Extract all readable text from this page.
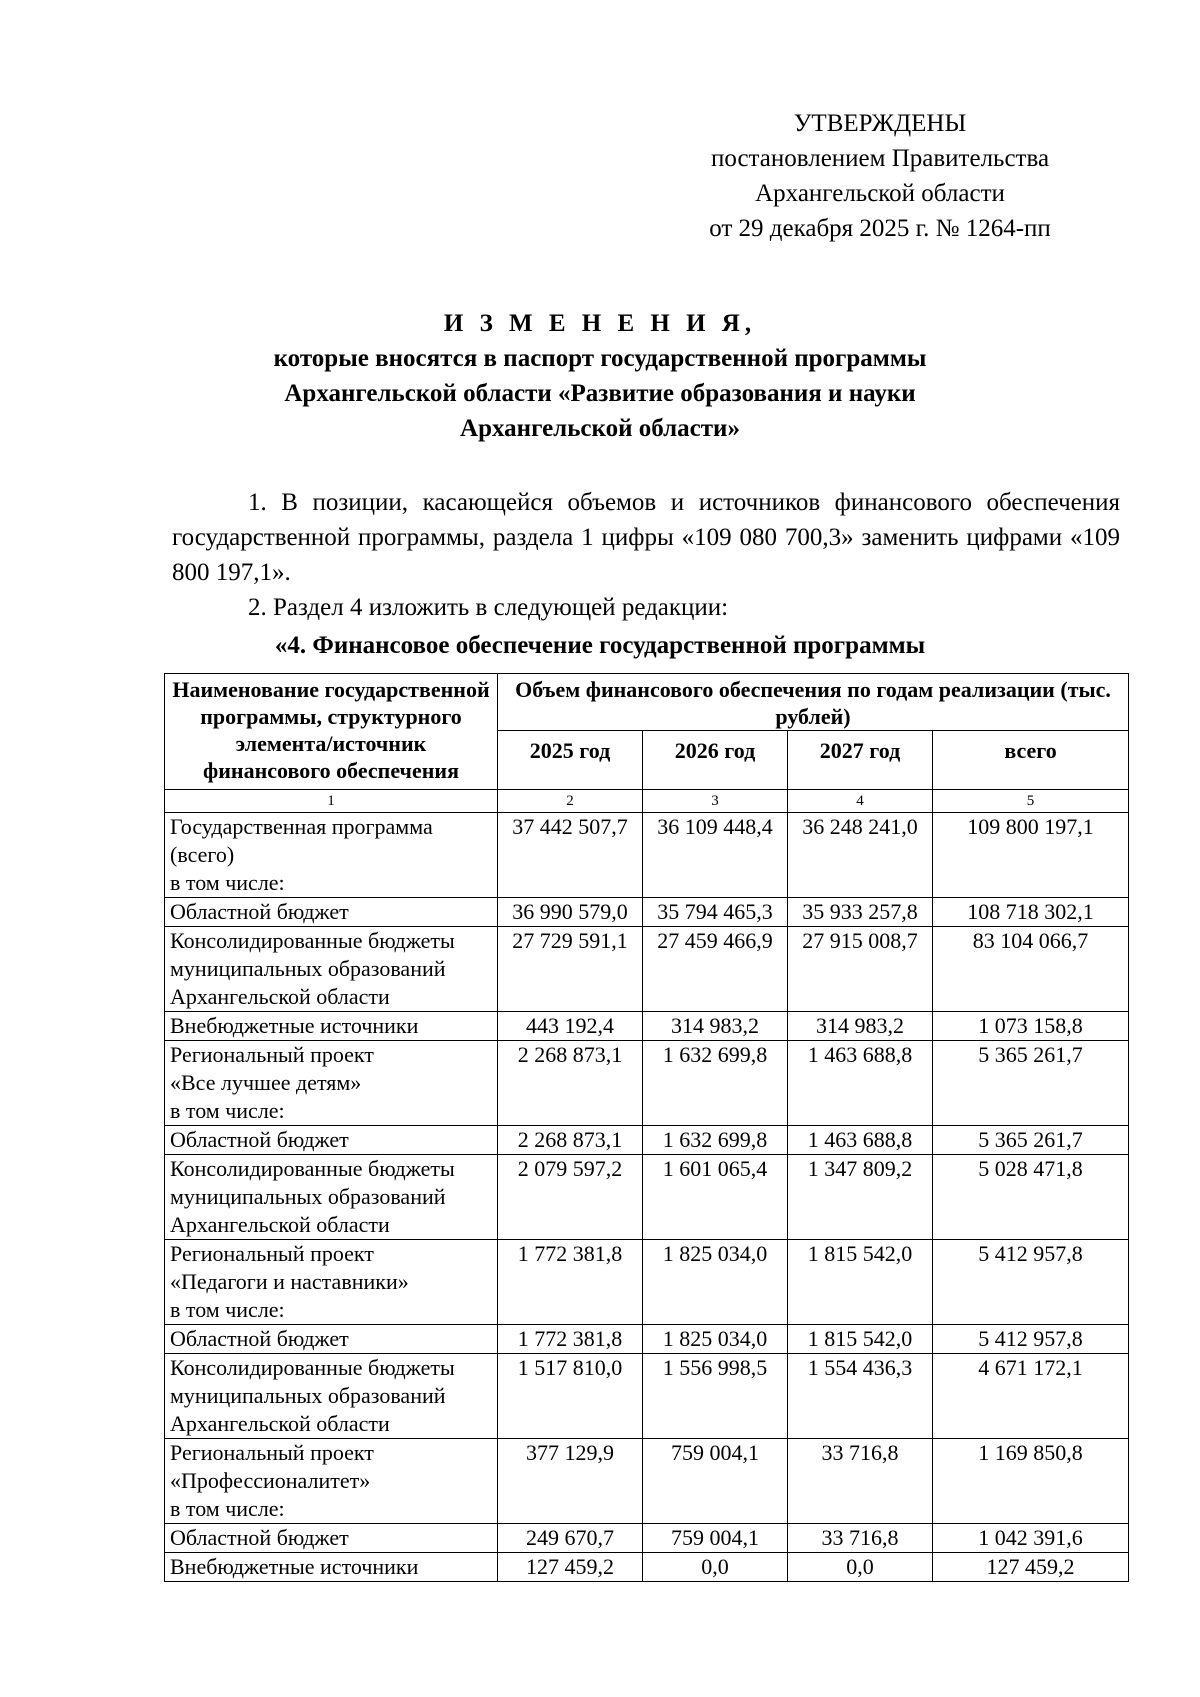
УТВЕРЖДЕНЫ
постановлением Правительства
Архангельской области
от 29 декабря 2025 г. № 1264-пп
И З М Е Н Е Н И Я,
которые вносятся в паспорт государственной программы
Архангельской области «Развитие образования и науки
Архангельской области»

1. В позиции, касающейся объемов и источников финансового обеспечения государственной программы, раздела 1 цифры «109 080 700,3» заменить цифрами «109 800 197,1».

2. Раздел 4 изложить в следующей редакции:

«4. Финансовое обеспечение государственной программы
Наименование государственной программы, структурного элемента/источник финансового обеспечения	Объем финансового обеспечения по годам реализации (тыс. рублей)			
	2025 год	2026 год	2027 год	всего
1	2	3	4	5

Государственная программа
(всего)
в том числе:	37 442 507,7	36 109 448,4	36 248 241,0	109 800 197,1

Областной бюджет	36 990 579,0	35 794 465,3	35 933 257,8	108 718 302,1

Консолидированные бюджеты
муниципальных образований
Архангельской области	27 729 591,1	27 459 466,9	27 915 008,7	83 104 066,7

Внебюджетные источники	443 192,4	314 983,2	314 983,2	1 073 158,8

Региональный проект
«Все лучшее детям»
в том числе:	2 268 873,1	1 632 699,8	1 463 688,8	5 365 261,7

Областной бюджет	2 268 873,1	1 632 699,8	1 463 688,8	5 365 261,7

Консолидированные бюджеты
муниципальных образований
Архангельской области	2 079 597,2	1 601 065,4	1 347 809,2	5 028 471,8

Региональный проект
«Педагоги и наставники»
в том числе:	1 772 381,8	1 825 034,0	1 815 542,0	5 412 957,8

Областной бюджет	1 772 381,8	1 825 034,0	1 815 542,0	5 412 957,8

Консолидированные бюджеты
муниципальных образований
Архангельской области	1 517 810,0	1 556 998,5	1 554 436,3	4 671 172,1

Региональный проект
«Профессионалитет»
в том числе:	377 129,9	759 004,1	33 716,8	1 169 850,8

Областной бюджет	249 670,7	759 004,1	33 716,8	1 042 391,6

Внебюджетные источники	127 459,2	0,0	0,0	127 459,2
